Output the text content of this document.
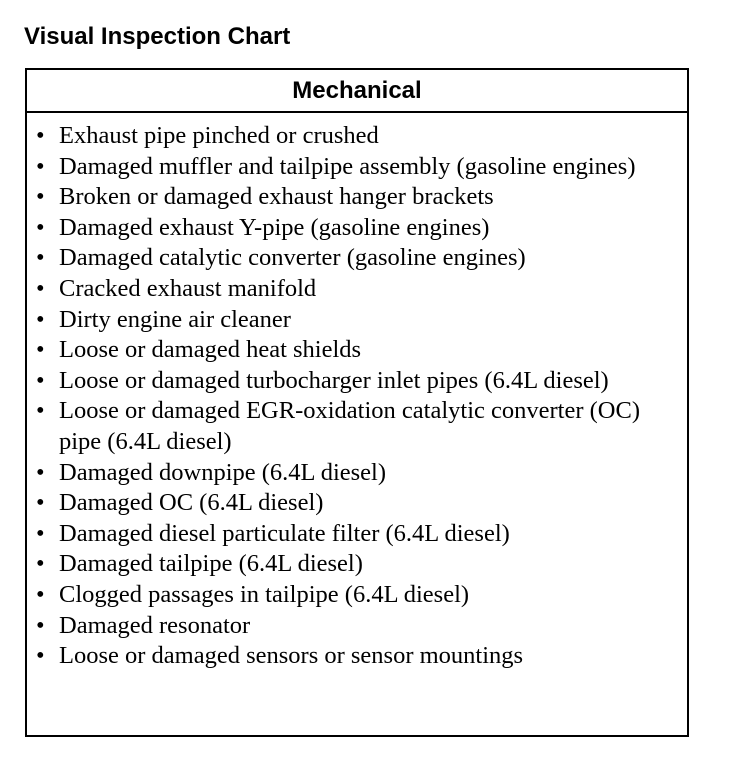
Visual Inspection Chart
Mechanical
• Exhaust pipe pinched or crushed
• Damaged muffler and tailpipe assembly (gasoline engines)
• Broken or damaged exhaust hanger brackets
• Damaged exhaust Y-pipe (gasoline engines)
• Damaged catalytic converter (gasoline engines)
• Cracked exhaust manifold
• Dirty engine air cleaner
• Loose or damaged heat shields
• Loose or damaged turbocharger inlet pipes (6.4L diesel)
• Loose or damaged EGR-oxidation catalytic converter (OC) pipe (6.4L diesel)
• Damaged downpipe (6.4L diesel)
• Damaged OC (6.4L diesel)
• Damaged diesel particulate filter (6.4L diesel)
• Damaged tailpipe (6.4L diesel)
• Clogged passages in tailpipe (6.4L diesel)
• Damaged resonator
• Loose or damaged sensors or sensor mountings
